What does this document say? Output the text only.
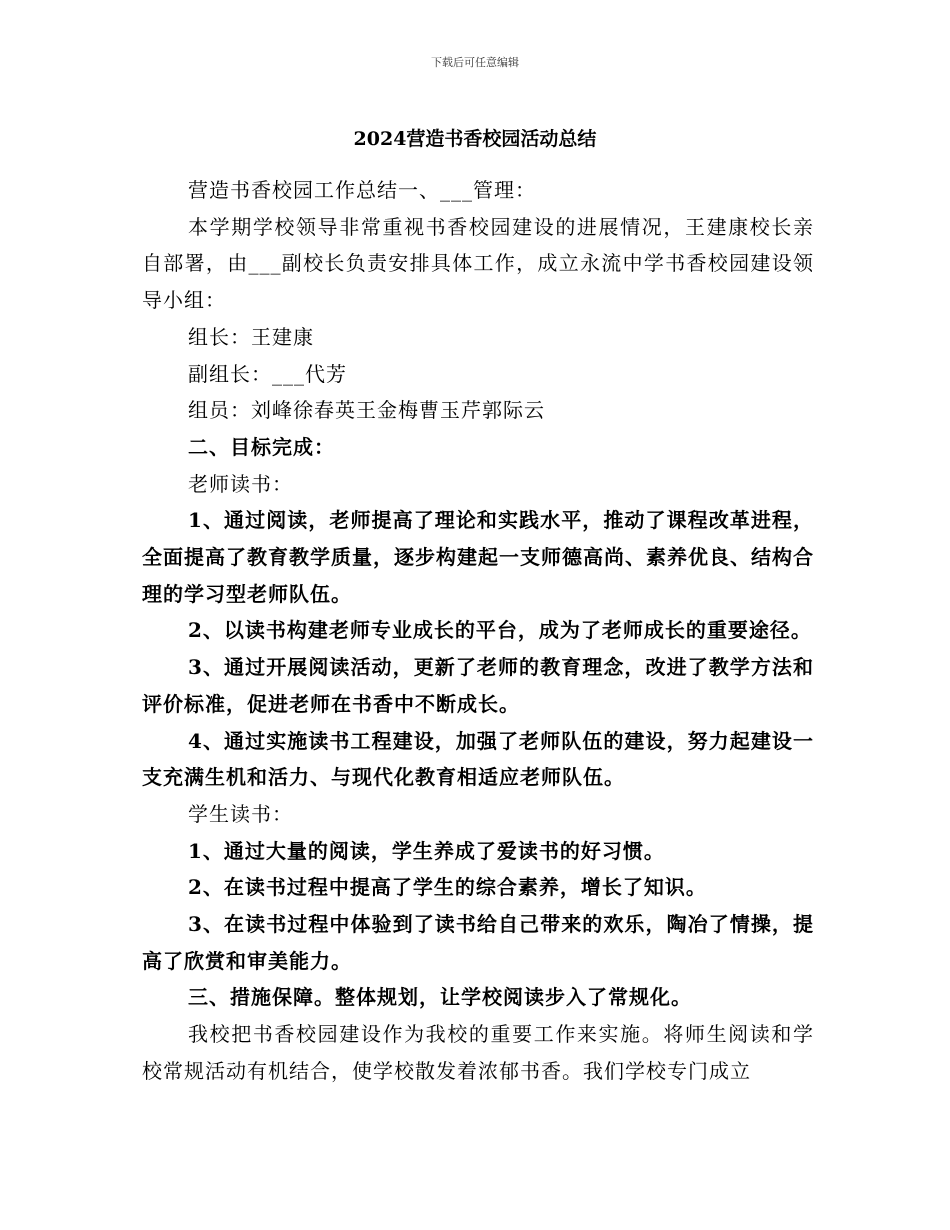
下载后可任意编辑
2024营造书香校园活动总结

营造书香校园工作总结一、___管理：

本学期学校领导非常重视书香校园建设的进展情况，王建康校长亲自部署，由___副校长负责安排具体工作，成立永流中学书香校园建设领导小组：

组长：王建康

副组长：___代芳

组员：刘峰徐春英王金梅曹玉芹郭际云

二、目标完成：

老师读书：

1、通过阅读，老师提高了理论和实践水平，推动了课程改革进程，全面提高了教育教学质量，逐步构建起一支师德高尚、素养优良、结构合理的学习型老师队伍。

2、以读书构建老师专业成长的平台，成为了老师成长的重要途径。

3、通过开展阅读活动，更新了老师的教育理念，改进了教学方法和评价标准，促进老师在书香中不断成长。

4、通过实施读书工程建设，加强了老师队伍的建设，努力起建设一支充满生机和活力、与现代化教育相适应老师队伍。

学生读书：

1、通过大量的阅读，学生养成了爱读书的好习惯。

2、在读书过程中提高了学生的综合素养，增长了知识。

3、在读书过程中体验到了读书给自己带来的欢乐，陶冶了情操，提高了欣赏和审美能力。

三、措施保障。整体规划，让学校阅读步入了常规化。

我校把书香校园建设作为我校的重要工作来实施。将师生阅读和学校常规活动有机结合，使学校散发着浓郁书香。我们学校专门成立
